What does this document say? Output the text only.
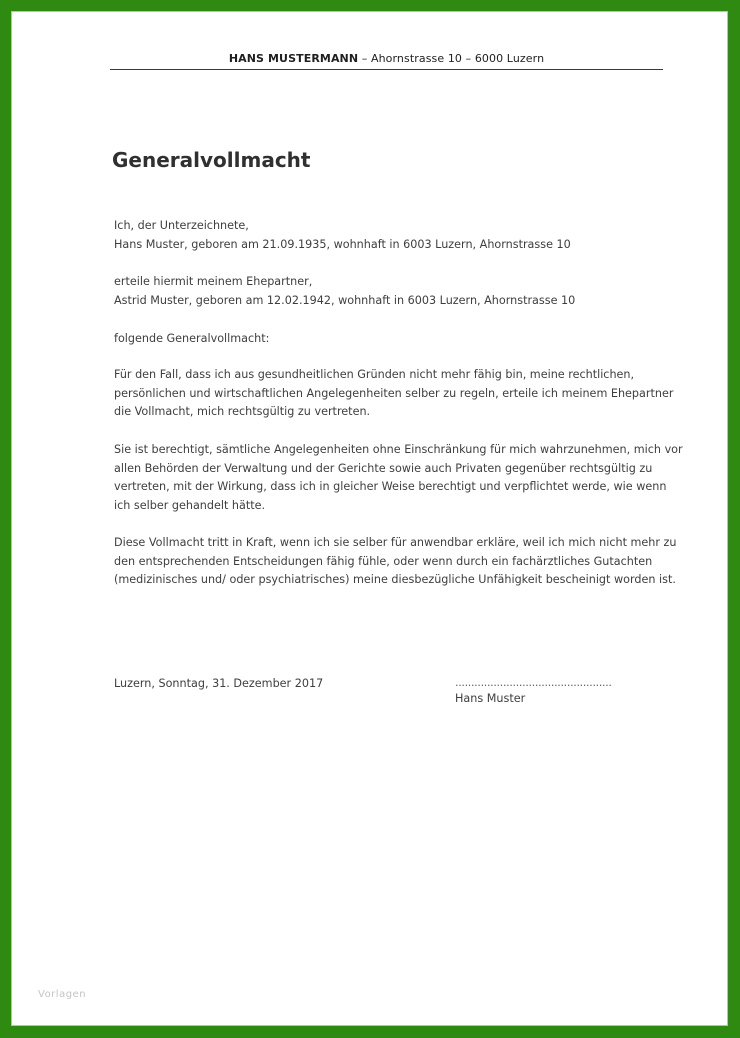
HANS MUSTERMANN – Ahornstrasse 10 – 6000 Luzern
Generalvollmacht

Ich, der Unterzeichnete,

Hans Muster, geboren am 21.09.1935, wohnhaft in 6003 Luzern, Ahornstrasse 10

erteile hiermit meinem Ehepartner,

Astrid Muster, geboren am 12.02.1942, wohnhaft in 6003 Luzern, Ahornstrasse 10

folgende Generalvollmacht:

Für den Fall, dass ich aus gesundheitlichen Gründen nicht mehr fähig bin, meine rechtlichen,

persönlichen und wirtschaftlichen Angelegenheiten selber zu regeln, erteile ich meinem Ehepartner

die Vollmacht, mich rechtsgültig zu vertreten.

Sie ist berechtigt, sämtliche Angelegenheiten ohne Einschränkung für mich wahrzunehmen, mich vor

allen Behörden der Verwaltung und der Gerichte sowie auch Privaten gegenüber rechtsgültig zu

vertreten, mit der Wirkung, dass ich in gleicher Weise berechtigt und verpflichtet werde, wie wenn

ich selber gehandelt hätte.

Diese Vollmacht tritt in Kraft, wenn ich sie selber für anwendbar erkläre, weil ich mich nicht mehr zu

den entsprechenden Entscheidungen fähig fühle, oder wenn durch ein fachärztliches Gutachten

(medizinisches und/ oder psychiatrisches) meine diesbezügliche Unfähigkeit bescheinigt worden ist.

Luzern, Sonntag, 31. Dezember 2017	.................................................
Hans Muster
Vorlagen
